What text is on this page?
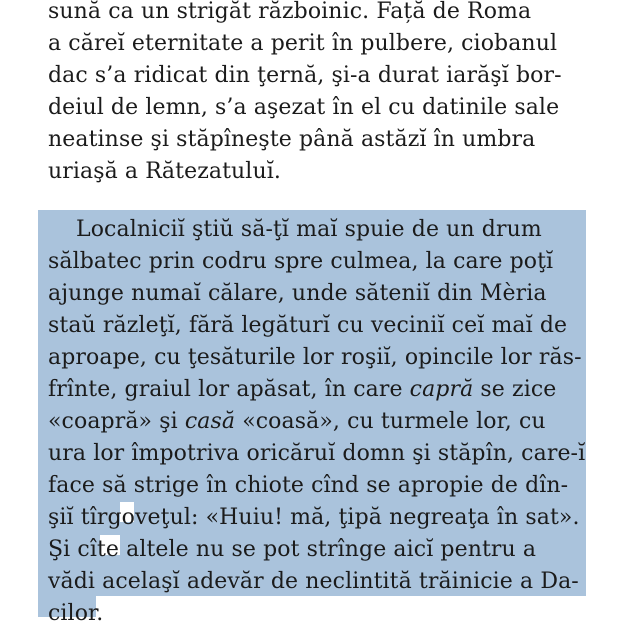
sună ca un strigăt războinic. Față de Roma
a căreĭ eternitate a perit în pulbere, ciobanul
dac s’a ridicat din ţernă, şi-a durat iarăşĭ bor-
deiul de lemn, s’a aşezat în el cu datinile sale
neatinse şi stăpîneşte până astăzĭ în umbra
uriaşă a Rătezatuluĭ.
Localniciĭ ştiŭ să-ţĭ maĭ spuie de un drum
sălbatec prin codru spre culmea, la care poţĭ
ajunge numaĭ călare, unde săteniĭ din Mèria
staŭ răzleţĭ, fără legăturĭ cu veciniĭ ceĭ maĭ de
aproape, cu ţesăturile lor roşiĭ, opincile lor răs-
frînte, graiul lor apăsat, în care capră se zice
«coapră» şi casă «coasă», cu turmele lor, cu
ura lor împotriva oricăruĭ domn şi stăpîn, care-ĭ
face să strige în chiote cînd se apropie de dîn-
şiĭ tîrgoveţul: «Huiu! mă, ţipă negreaţa în sat».
Şi cîte altele nu se pot strînge aicĭ pentru a
vădi acelaşĭ adevăr de neclintită trăinicie a Da-
cilor.
